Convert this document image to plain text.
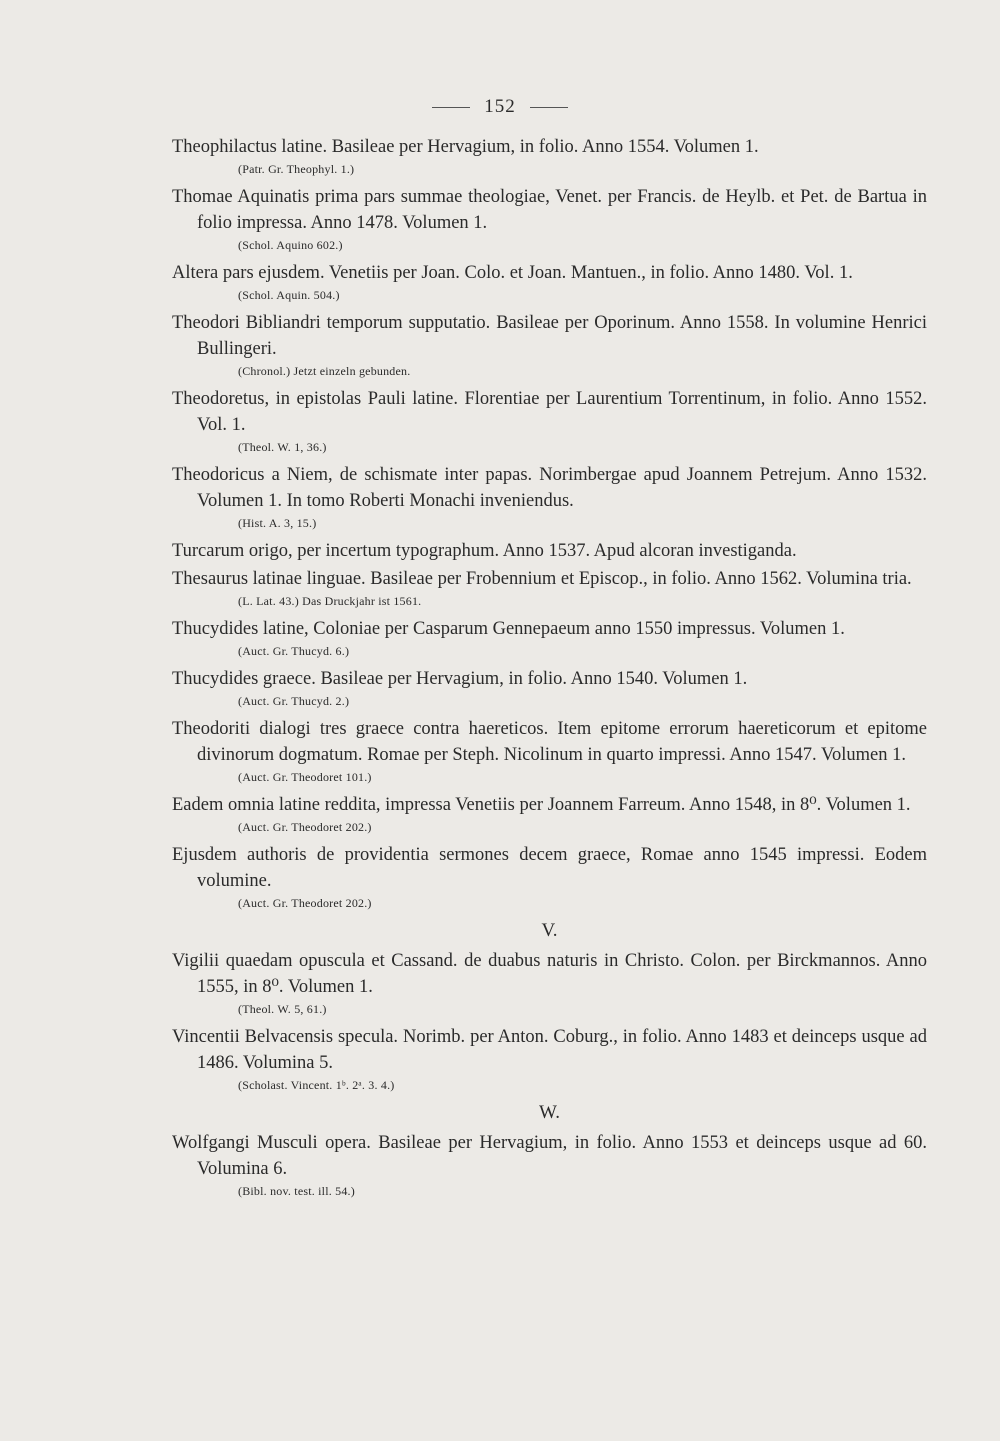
152

Theophilactus latine. Basileae per Hervagium, in folio. Anno 1554. Volumen 1.

(Patr. Gr. Theophyl. 1.)

Thomae Aquinatis prima pars summae theologiae, Venet. per Francis. de Heylb. et Pet. de Bartua in folio impressa. Anno 1478. Volumen 1.

(Schol. Aquino 602.)

Altera pars ejusdem. Venetiis per Joan. Colo. et Joan. Mantuen., in folio. Anno 1480. Vol. 1.

(Schol. Aquin. 504.)

Theodori Bibliandri temporum supputatio. Basileae per Oporinum. Anno 1558. In volumine Henrici Bullingeri.

(Chronol.) Jetzt einzeln gebunden.

Theodoretus, in epistolas Pauli latine. Florentiae per Laurentium Torrentinum, in folio. Anno 1552. Vol. 1.

(Theol. W. 1, 36.)

Theodoricus a Niem, de schismate inter papas. Norimbergae apud Joannem Petrejum. Anno 1532. Volumen 1. In tomo Roberti Monachi inveniendus.

(Hist. A. 3, 15.)

Turcarum origo, per incertum typographum. Anno 1537. Apud alcoran investiganda.

Thesaurus latinae linguae. Basileae per Frobennium et Episcop., in folio. Anno 1562. Volumina tria.

(L. Lat. 43.) Das Druckjahr ist 1561.

Thucydides latine, Coloniae per Casparum Gennepaeum anno 1550 impressus. Volumen 1.

(Auct. Gr. Thucyd. 6.)

Thucydides graece. Basileae per Hervagium, in folio. Anno 1540. Volumen 1.

(Auct. Gr. Thucyd. 2.)

Theodoriti dialogi tres graece contra haereticos. Item epitome errorum haereticorum et epitome divinorum dogmatum. Romae per Steph. Nicolinum in quarto impressi. Anno 1547. Volumen 1.

(Auct. Gr. Theodoret 101.)

Eadem omnia latine reddita, impressa Venetiis per Joannem Farreum. Anno 1548, in 8⁰. Volumen 1.

(Auct. Gr. Theodoret 202.)

Ejusdem authoris de providentia sermones decem graece, Romae anno 1545 impressi. Eodem volumine.

(Auct. Gr. Theodoret 202.)

V.

Vigilii quaedam opuscula et Cassand. de duabus naturis in Christo. Colon. per Birckmannos. Anno 1555, in 8⁰. Volumen 1.

(Theol. W. 5, 61.)

Vincentii Belvacensis specula. Norimb. per Anton. Coburg., in folio. Anno 1483 et deinceps usque ad 1486. Volumina 5.

(Scholast. Vincent. 1ᵇ. 2ᵃ. 3. 4.)

W.

Wolfgangi Musculi opera. Basileae per Hervagium, in folio. Anno 1553 et deinceps usque ad 60. Volumina 6.

(Bibl. nov. test. ill. 54.)
